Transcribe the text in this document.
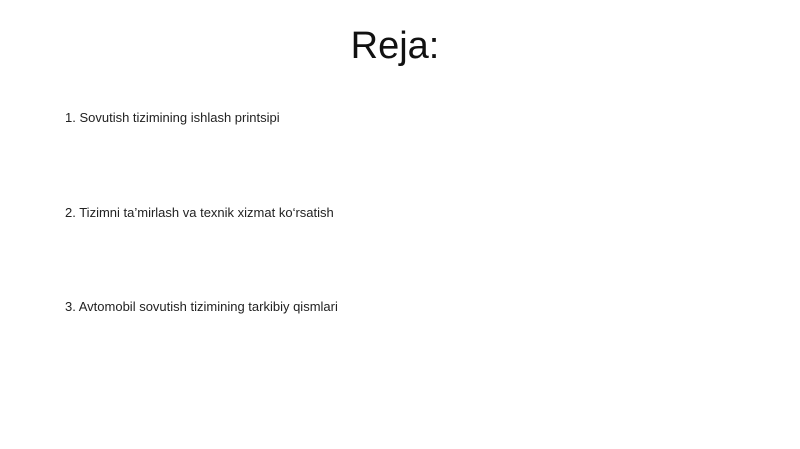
Reja:
1. Sovutish tizimining ishlash printsipi
2. Tizimni ta’mirlash va texnik xizmat ko‘rsatish
3. Avtomobil sovutish tizimining tarkibiy qismlari
